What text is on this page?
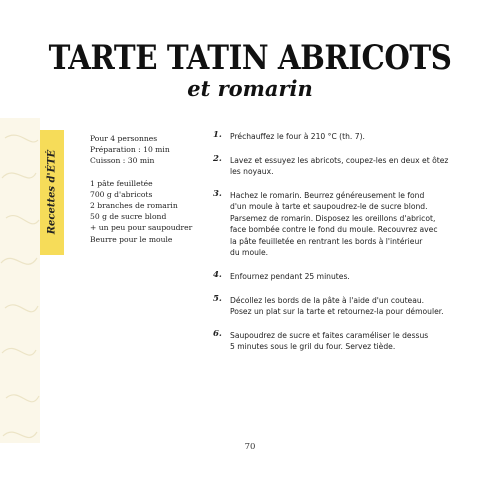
TARTE TATIN ABRICOTS
et romarin
Recettes d'ÉTÉ
Pour 4 personnes
Préparation : 10 min
Cuisson : 30 min
1 pâte feuilletée
700 g d'abricots
2 branches de romarin
50 g de sucre blond
+ un peu pour saupoudrer
Beurre pour le moule
1. Préchauffez le four à 210 °C (th. 7).
2. Lavez et essuyez les abricots, coupez-les en deux et ôtez
les noyaux.
3. Hachez le romarin. Beurrez généreusement le fond
d'un moule à tarte et saupoudrez-le de sucre blond.
Parsemez de romarin. Disposez les oreillons d'abricot,
face bombée contre le fond du moule. Recouvrez avec
la pâte feuilletée en rentrant les bords à l'intérieur
du moule.
4. Enfournez pendant 25 minutes.
5. Décollez les bords de la pâte à l'aide d'un couteau.
Posez un plat sur la tarte et retournez-la pour démouler.
6. Saupoudrez de sucre et faites caraméliser le dessus
5 minutes sous le gril du four. Servez tiède.
70
